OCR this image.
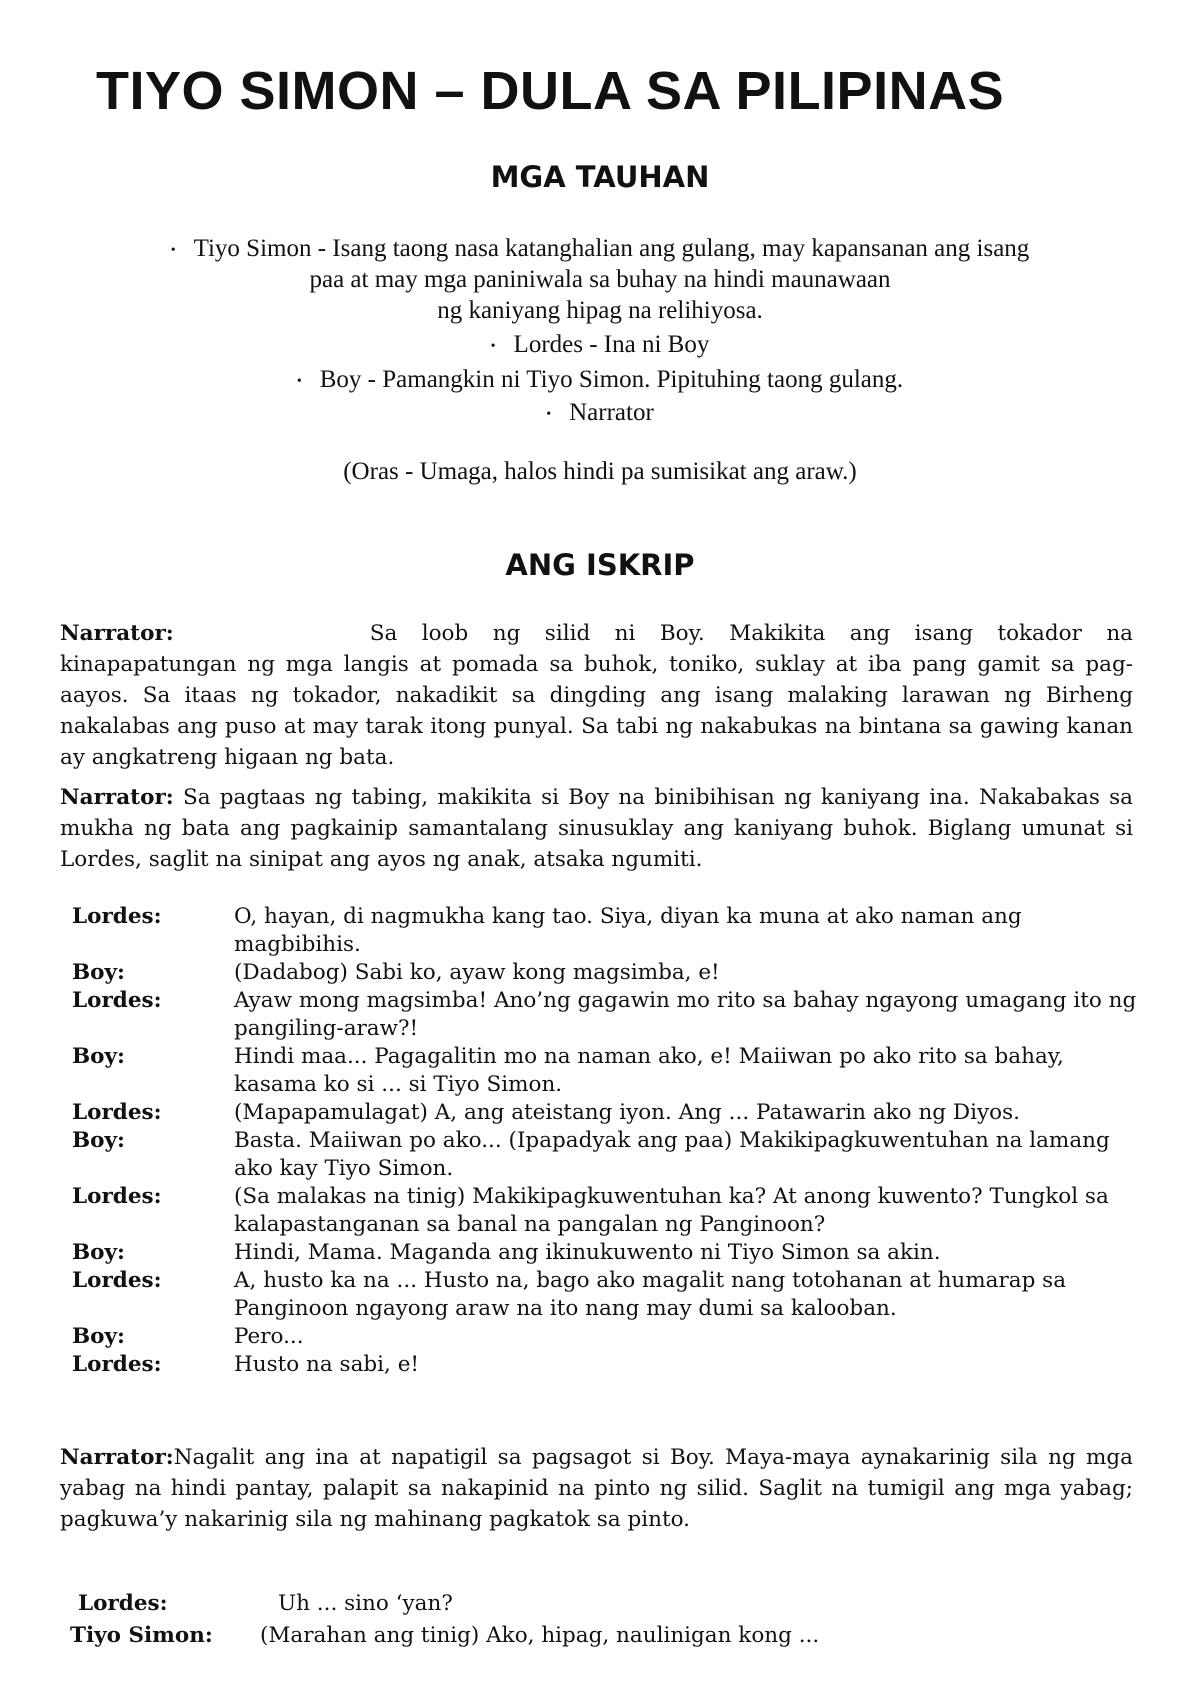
TIYO SIMON – DULA SA PILIPINAS
MGA TAUHAN
• Tiyo Simon - Isang taong nasa katanghalian ang gulang, may kapansanan ang isang
paa at may mga paniniwala sa buhay na hindi maunawaan
ng kaniyang hipag na relihiyosa.
• Lordes - Ina ni Boy
• Boy - Pamangkin ni Tiyo Simon. Pipituhing taong gulang.
• Narrator
(Oras - Umaga, halos hindi pa sumisikat ang araw.)
ANG ISKRIP

Narrator:	Sa loob ng silid ni Boy. Makikita ang isang tokador na kinapapatungan ng mga langis at pomada sa buhok, toniko, suklay at iba pang gamit sa pag-aayos. Sa itaas ng tokador, nakadikit sa dingding ang isang malaking larawan ng Birheng nakalabas ang puso at may tarak itong punyal. Sa tabi ng nakabukas na bintana sa gawing kanan ay angkatreng higaan ng bata.

Narrator: Sa pagtaas ng tabing, makikita si Boy na binibihisan ng kaniyang ina. Nakabakas sa mukha ng bata ang pagkainip samantalang sinusuklay ang kaniyang buhok. Biglang umunat si Lordes, saglit na sinipat ang ayos ng anak, atsaka ngumiti.

Lordes:	O, hayan, di nagmukha kang tao. Siya, diyan ka muna at ako naman ang magbibihis.
Boy:	(Dadabog) Sabi ko, ayaw kong magsimba, e!
Lordes:	Ayaw mong magsimba! Ano’ng gagawin mo rito sa bahay ngayong umagang ito ng pangiling-araw?!
Boy:	Hindi maa... Pagagalitin mo na naman ako, e! Maiiwan po ako rito sa bahay, kasama ko si ... si Tiyo Simon.
Lordes:	(Mapapamulagat) A, ang ateistang iyon. Ang ... Patawarin ako ng Diyos.
Boy:	Basta. Maiiwan po ako... (Ipapadyak ang paa) Makikipagkuwentuhan na lamang ako kay Tiyo Simon.
Lordes:	(Sa malakas na tinig) Makikipagkuwentuhan ka? At anong kuwento? Tungkol sa kalapastanganan sa banal na pangalan ng Panginoon?
Boy:	Hindi, Mama. Maganda ang ikinukuwento ni Tiyo Simon sa akin.
Lordes:	A, husto ka na ... Husto na, bago ako magalit nang totohanan at humarap sa Panginoon ngayong araw na ito nang may dumi sa kalooban.
Boy:	Pero...
Lordes:	Husto na sabi, e!

Narrator:Nagalit ang ina at napatigil sa pagsagot si Boy. Maya-maya aynakarinig sila ng mga yabag na hindi pantay, palapit sa nakapinid na pinto ng silid. Saglit na tumigil ang mga yabag; pagkuwa’y nakarinig sila ng mahinang pagkatok sa pinto.

Lordes:	Uh ... sino ‘yan?
Tiyo Simon: (Marahan ang tinig) Ako, hipag, naulinigan kong ...
